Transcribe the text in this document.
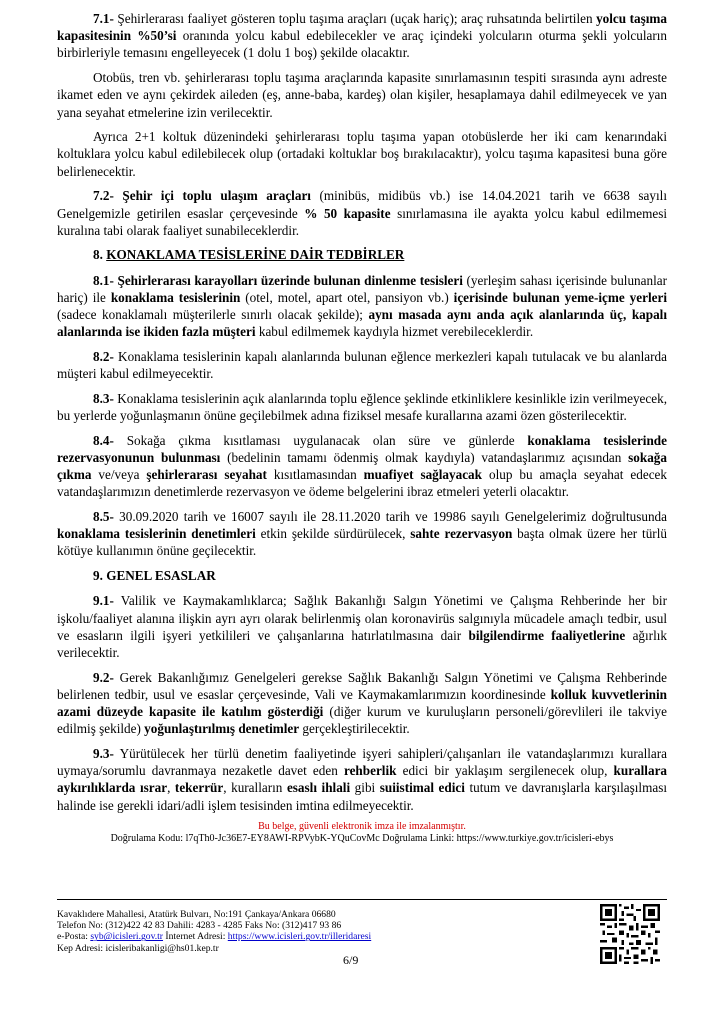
7.1- Şehirlerarası faaliyet gösteren toplu taşıma araçları (uçak hariç); araç ruhsatında belirtilen yolcu taşıma kapasitesinin %50’si oranında yolcu kabul edebilecekler ve araç içindeki yolcuların oturma şekli yolcuların birbirleriyle temasını engelleyecek (1 dolu 1 boş) şekilde olacaktır.

Otobüs, tren vb. şehirlerarası toplu taşıma araçlarında kapasite sınırlamasının tespiti sırasında aynı adreste ikamet eden ve aynı çekirdek aileden (eş, anne-baba, kardeş) olan kişiler, hesaplamaya dahil edilmeyecek ve yan yana seyahat etmelerine izin verilecektir.

Ayrıca 2+1 koltuk düzenindeki şehirlerarası toplu taşıma yapan otobüslerde her iki cam kenarındaki koltuklara yolcu kabul edilebilecek olup (ortadaki koltuklar boş bırakılacaktır), yolcu taşıma kapasitesi buna göre belirlenecektir.

7.2- Şehir içi toplu ulaşım araçları (minibüs, midibüs vb.) ise 14.04.2021 tarih ve 6638 sayılı Genelgemizle getirilen esaslar çerçevesinde % 50 kapasite sınırlamasına ile ayakta yolcu kabul edilmemesi kuralına tabi olarak faaliyet sunabileceklerdir.

8. KONAKLAMA TESİSLERİNE DAİR TEDBİRLER

8.1- Şehirlerarası karayolları üzerinde bulunan dinlenme tesisleri (yerleşim sahası içerisinde bulunanlar hariç) ile konaklama tesislerinin (otel, motel, apart otel, pansiyon vb.) içerisinde bulunan yeme-içme yerleri (sadece konaklamalı müşterilerle sınırlı olacak şekilde); aynı masada aynı anda açık alanlarında üç, kapalı alanlarında ise ikiden fazla müşteri kabul edilmemek kaydıyla hizmet verebileceklerdir.

8.2- Konaklama tesislerinin kapalı alanlarında bulunan eğlence merkezleri kapalı tutulacak ve bu alanlarda müşteri kabul edilmeyecektir.

8.3- Konaklama tesislerinin açık alanlarında toplu eğlence şeklinde etkinliklere kesinlikle izin verilmeyecek, bu yerlerde yoğunlaşmanın önüne geçilebilmek adına fiziksel mesafe kurallarına azami özen gösterilecektir.

8.4- Sokağa çıkma kısıtlaması uygulanacak olan süre ve günlerde konaklama tesislerinde rezervasyonunun bulunması (bedelinin tamamı ödenmiş olmak kaydıyla) vatandaşlarımız açısından sokağa çıkma ve/veya şehirlerarası seyahat kısıtlamasından muafiyet sağlayacak olup bu amaçla seyahat edecek vatandaşlarımızın denetimlerde rezervasyon ve ödeme belgelerini ibraz etmeleri yeterli olacaktır.

8.5- 30.09.2020 tarih ve 16007 sayılı ile 28.11.2020 tarih ve 19986 sayılı Genelgelerimiz doğrultusunda konaklama tesislerinin denetimleri etkin şekilde sürdürülecek, sahte rezervasyon başta olmak üzere her türlü kötüye kullanımın önüne geçilecektir.

9. GENEL ESASLAR

9.1- Valilik ve Kaymakamlıklarca; Sağlık Bakanlığı Salgın Yönetimi ve Çalışma Rehberinde her bir işkolu/faaliyet alanına ilişkin ayrı ayrı olarak belirlenmiş olan koronavirüs salgınıyla mücadele amaçlı tedbir, usul ve esasların ilgili işyeri yetkilileri ve çalışanlarına hatırlatılmasına dair bilgilendirme faaliyetlerine ağırlık verilecektir.

9.2- Gerek Bakanlığımız Genelgeleri gerekse Sağlık Bakanlığı Salgın Yönetimi ve Çalışma Rehberinde belirlenen tedbir, usul ve esaslar çerçevesinde, Vali ve Kaymakamlarımızın koordinesinde kolluk kuvvetlerinin azami düzeyde kapasite ile katılım gösterdiği (diğer kurum ve kuruluşların personeli/görevlileri ile takviye edilmiş şekilde) yoğunlaştırılmış denetimler gerçekleştirilecektir.

9.3- Yürütülecek her türlü denetim faaliyetinde işyeri sahipleri/çalışanları ile vatandaşlarımızı kurallara uymaya/sorumlu davranmaya nezaketle davet eden rehberlik edici bir yaklaşım sergilenecek olup, kurallara aykırılıklarda ısrar, tekerrür, kuralların esaslı ihlali gibi suiistimal edici tutum ve davranışlarla karşılaşılması halinde ise gerekli idari/adli işlem tesisinden imtina edilmeyecektir.

Bu belge, güvenli elektronik imza ile imzalanmıştır.
Doğrulama Kodu: l7qTh0-Jc36E7-EY8AWI-RPVybK-YQuCovMc Doğrulama Linki: https://www.turkiye.gov.tr/icisleri-ebys
Kavaklıdere Mahallesi, Atatürk Bulvarı, No:191 Çankaya/Ankara 06680
Telefon No: (312)422 42 83 Dahili: 4283 - 4285 Faks No: (312)417 93 86
e-Posta: syb@icisleri.gov.tr İnternet Adresi: https://www.icisleri.gov.tr/illeridaresi
Kep Adresi: icisleribakanligi@hs01.kep.tr
6/9
